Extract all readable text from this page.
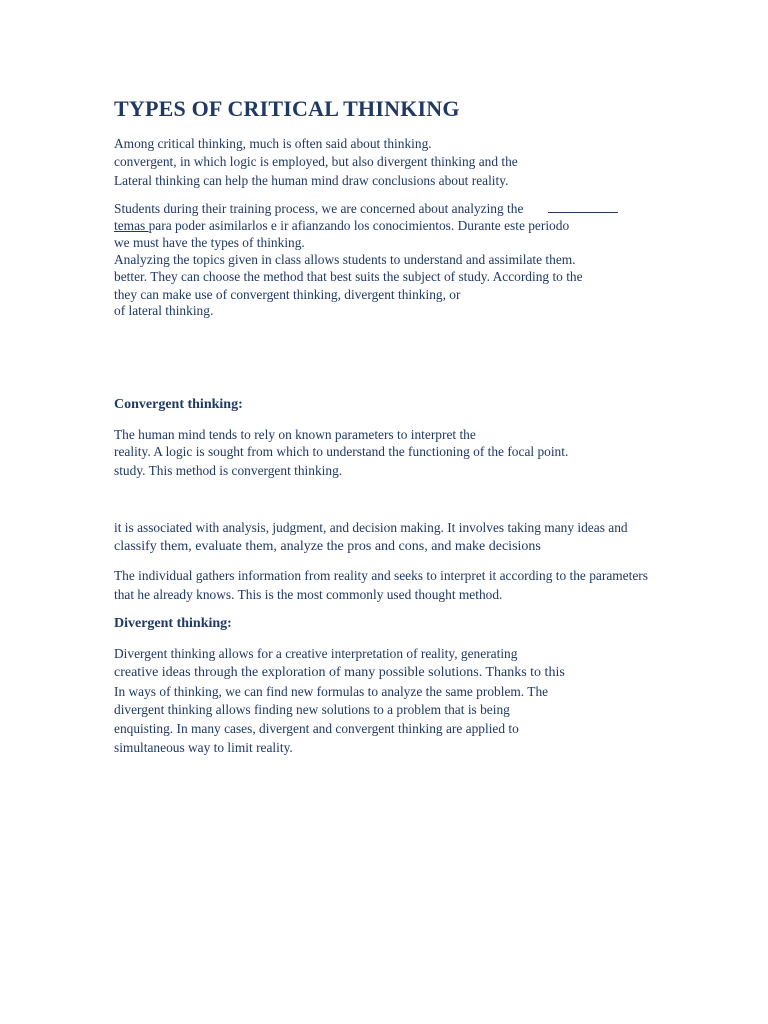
TYPES OF CRITICAL THINKING
Among critical thinking, much is often said about thinking.
convergent, in which logic is employed, but also divergent thinking and the
Lateral thinking can help the human mind draw conclusions about reality.
Students during their training process, we are concerned about analyzing the
temas para poder asimilarlos e ir afianzando los conocimientos. Durante este periodo
we must have the types of thinking.
Analyzing the topics given in class allows students to understand and assimilate them.
better. They can choose the method that best suits the subject of study. According to the
they can make use of convergent thinking, divergent thinking, or
of lateral thinking.
Convergent thinking:
The human mind tends to rely on known parameters to interpret the
reality. A logic is sought from which to understand the functioning of the focal point.
study. This method is convergent thinking.
it is associated with analysis, judgment, and decision making. It involves taking many ideas and
classify them, evaluate them, analyze the pros and cons, and make decisions
The individual gathers information from reality and seeks to interpret it according to the parameters
that he already knows. This is the most commonly used thought method.
Divergent thinking:
Divergent thinking allows for a creative interpretation of reality, generating
creative ideas through the exploration of many possible solutions. Thanks to this
In ways of thinking, we can find new formulas to analyze the same problem. The
divergent thinking allows finding new solutions to a problem that is being
enquisting. In many cases, divergent and convergent thinking are applied to
simultaneous way to limit reality.
